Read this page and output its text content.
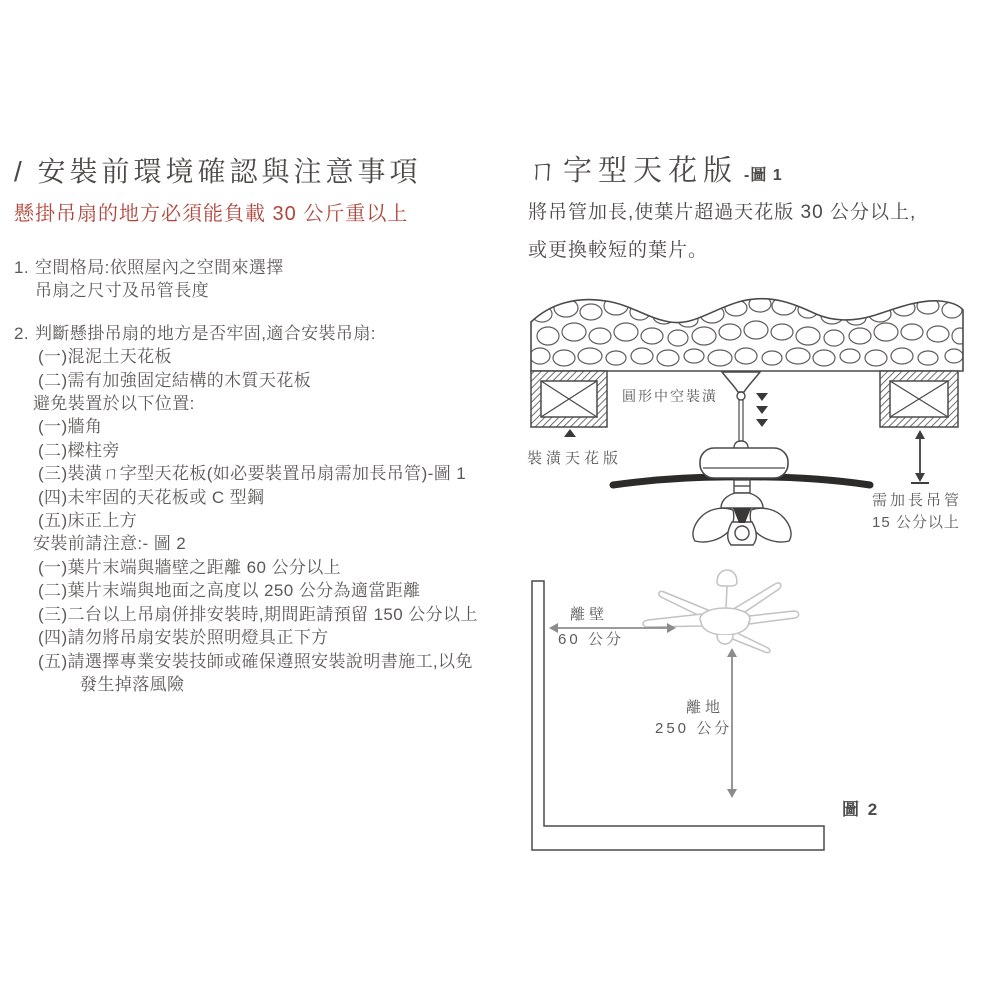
/ 安裝前環境確認與注意事項
懸掛吊扇的地方必須能負載 30 公斤重以上
1. 空間格局:依照屋內之空間來選擇
吊扇之尺寸及吊管長度
2. 判斷懸掛吊扇的地方是否牢固,適合安裝吊扇:
(一)混泥土天花板
(二)需有加強固定結構的木質天花板
避免裝置於以下位置:
(一)牆角
(二)樑柱旁
(三)裝潢ㄇ字型天花板(如必要裝置吊扇需加長吊管)-圖 1
(四)未牢固的天花板或 C 型鋼
(五)床正上方
安裝前請注意:- 圖 2
(一)葉片末端與牆壁之距離 60 公分以上
(二)葉片末端與地面之高度以 250 公分為適當距離
(三)二台以上吊扇併排安裝時,期間距請預留 150 公分以上
(四)請勿將吊扇安裝於照明燈具正下方
(五)請選擇專業安裝技師或確保遵照安裝說明書施工,以免
發生掉落風險
ㄇ字型天花版 -圖 1
將吊管加長,使葉片超過天花版 30 公分以上,
或更換較短的葉片。
圓形中空裝潢
裝潢天花版
需加長吊管
15 公分以上
離壁
60 公分
離地
250 公分
圖 2
